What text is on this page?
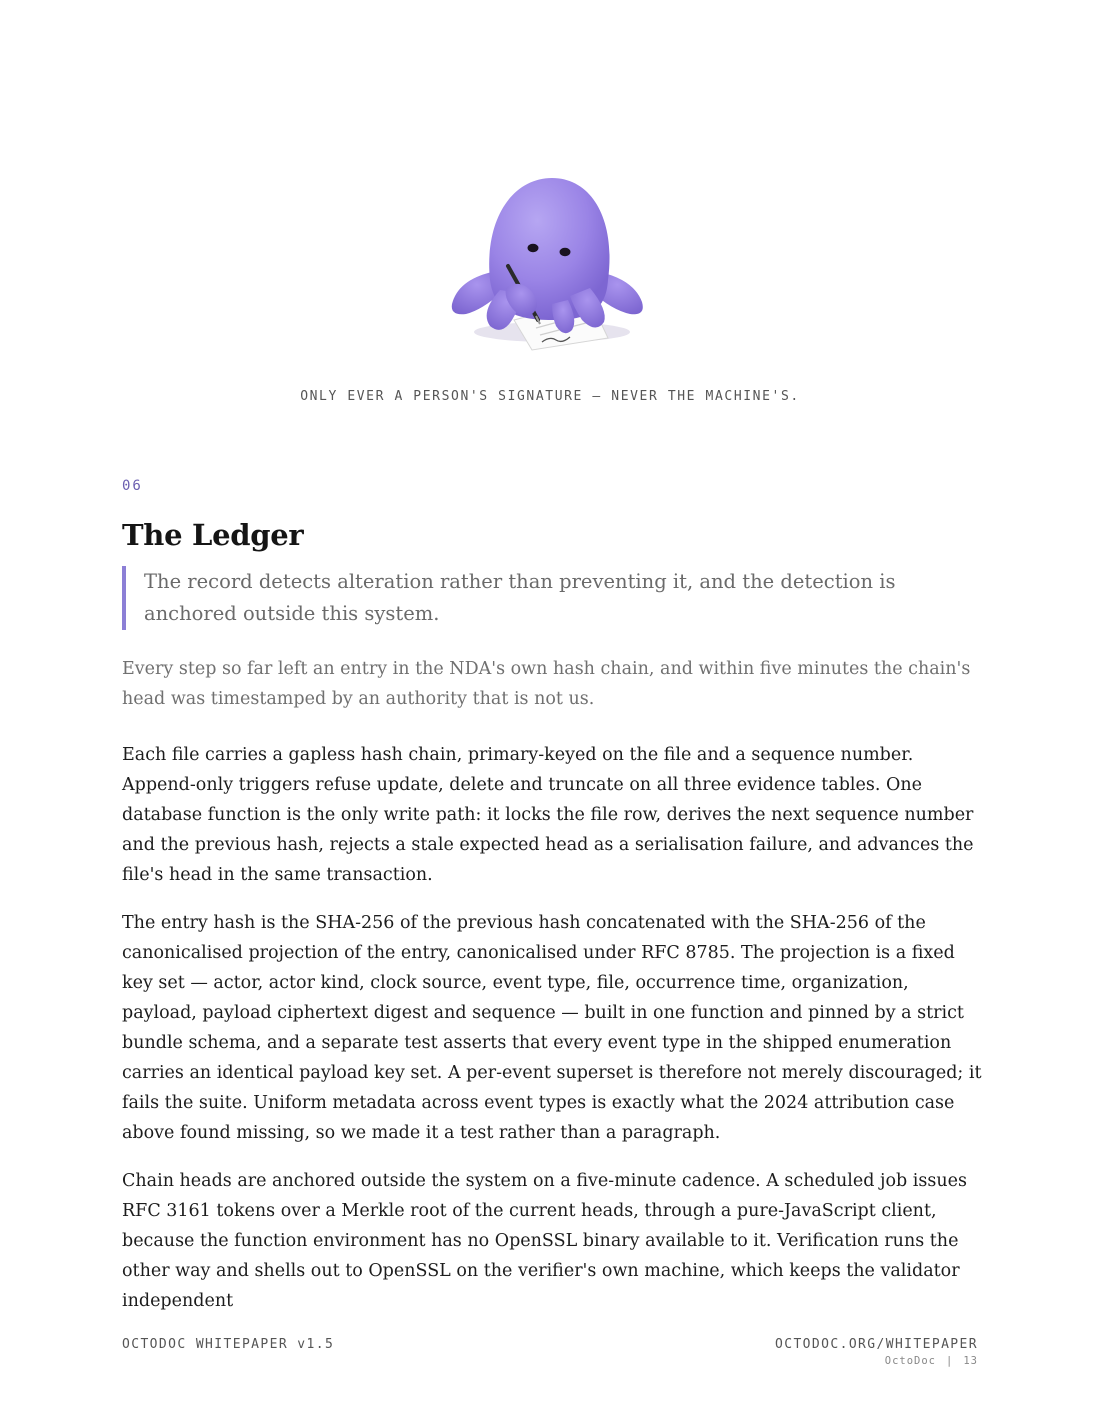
ONLY EVER A PERSON'S SIGNATURE — NEVER THE MACHINE'S.
06
The Ledger
The record detects alteration rather than preventing it, and the detection is anchored outside this system.
Every step so far left an entry in the NDA's own hash chain, and within five minutes the chain's head was timestamped by an authority that is not us.

Each file carries a gapless hash chain, primary-keyed on the file and a sequence number. Append-only triggers refuse update, delete and truncate on all three evidence tables. One database function is the only write path: it locks the file row, derives the next sequence number and the previous hash, rejects a stale expected head as a serialisation failure, and advances the file's head in the same transaction.

The entry hash is the SHA-256 of the previous hash concatenated with the SHA-256 of the canonicalised projection of the entry, canonicalised under RFC 8785. The projection is a fixed key set — actor, actor kind, clock source, event type, file, occurrence time, organization, payload, payload ciphertext digest and sequence — built in one function and pinned by a strict bundle schema, and a separate test asserts that every event type in the shipped enumeration carries an identical payload key set. A per-event superset is therefore not merely discouraged; it fails the suite. Uniform metadata across event types is exactly what the 2024 attribution case above found missing, so we made it a test rather than a paragraph.

Chain heads are anchored outside the system on a five-minute cadence. A scheduled job issues RFC 3161 tokens over a Merkle root of the current heads, through a pure-JavaScript client, because the function environment has no OpenSSL binary available to it. Verification runs the other way and shells out to OpenSSL on the verifier's own machine, which keeps the validator independent

OCTODOC WHITEPAPER v1.5	OCTODOC.ORG/WHITEPAPER
OctoDoc | 13
